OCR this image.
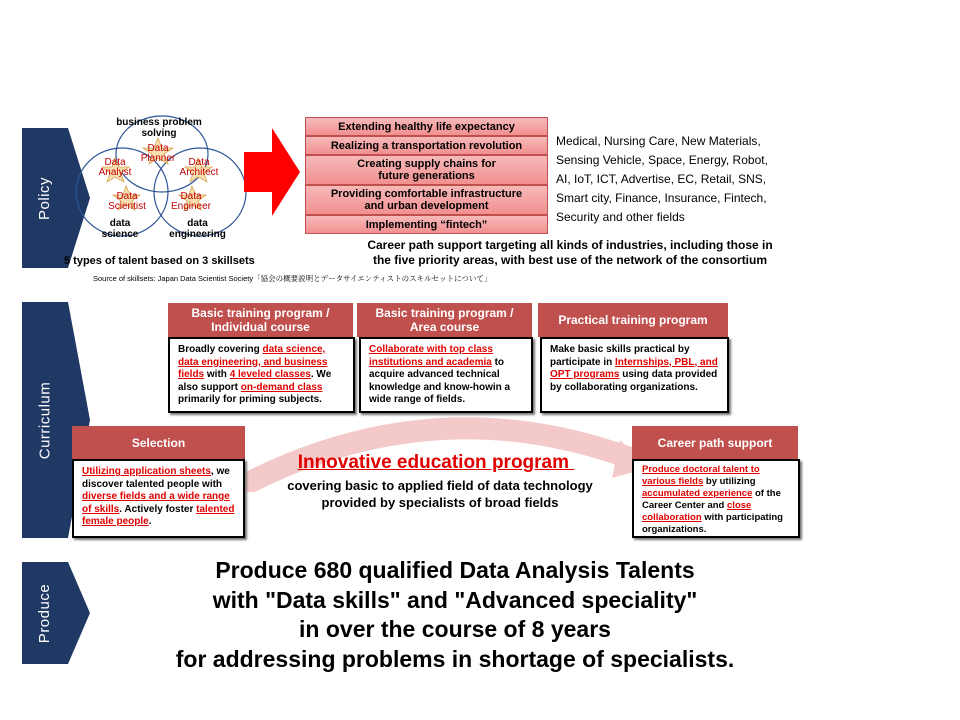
Policy
Curriculum
Produce
business problem
solving
data
science
data
engineering
Data
Planner
Data
Analyst
Data
Architect
Data
Scientist
Data
Engineer
5 types of talent based on 3 skillsets
Source of skillsets: Japan Data Scientist Society「協会の概要説明とデータサイエンティストのスキルセットについて」
Extending healthy life expectancy
Realizing a transportation revolution
Creating supply chains for
future generations
Providing comfortable infrastructure
and urban development
Implementing “fintech”
Medical, Nursing Care, New Materials,
Sensing Vehicle, Space, Energy, Robot,
AI, IoT, ICT, Advertise, EC, Retail, SNS,
Smart city, Finance, Insurance, Fintech,
Security and other fields
Career path support targeting all kinds of industries, including those in
the five priority areas, with best use of the network of the consortium
Basic training program /
Individual course
Broadly covering data science, data engineering, and business fields with 4 leveled classes. We also support on-demand class primarily for priming subjects.
Basic training program /
Area course
Collaborate with top class institutions and academia to acquire advanced technical knowledge and know-howin a wide range of fields.
Practical training program
Make basic skills practical by participate in Internships, PBL, and OPT programs using data provided by collaborating organizations.
Selection
Utilizing application sheets, we discover talented people with diverse fields and a wide range of skills. Actively foster talented female people.
Career path support
Produce doctoral talent to various fields by utilizing accumulated experience of the Career Center and close collaboration with participating organizations.
Innovative education program
covering basic to applied field of data technology
provided by specialists of broad fields
Produce 680 qualified Data Analysis Talents
with "Data skills" and "Advanced speciality"
in over the course of 8 years
for addressing problems in shortage of specialists.
